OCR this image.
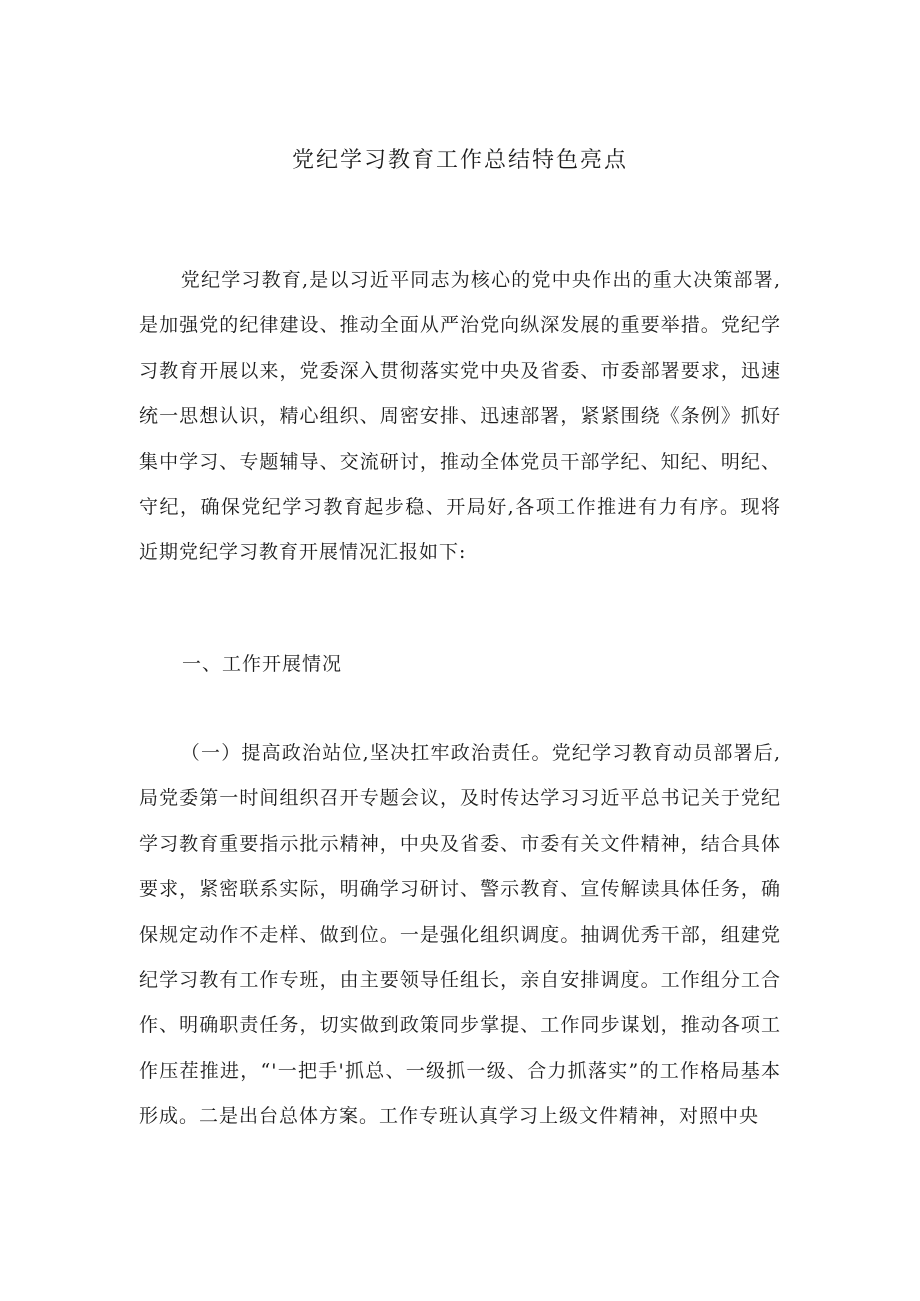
党纪学习教育工作总结特色亮点

党纪学习教育,是以习近平同志为核心的党中央作出的重大决策部署,是加强党的纪律建设、推动全面从严治党向纵深发展的重要举措。党纪学习教育开展以来，党委深入贯彻落实党中央及省委、市委部署要求，迅速统一思想认识，精心组织、周密安排、迅速部署，紧紧围绕《条例》抓好集中学习、专题辅导、交流研讨，推动全体党员干部学纪、知纪、明纪、守纪，确保党纪学习教育起步稳、开局好,各项工作推进有力有序。现将近期党纪学习教育开展情况汇报如下:

一、工作开展情况

（一）提高政治站位,坚决扛牢政治责任。党纪学习教育动员部署后,局党委第一时间组织召开专题会议，及时传达学习习近平总书记关于党纪学习教育重要指示批示精神，中央及省委、市委有关文件精神，结合具体要求，紧密联系实际，明确学习研讨、警示教育、宣传解读具体任务，确保规定动作不走样、做到位。一是强化组织调度。抽调优秀干部，组建党纪学习教有工作专班，由主要领导任组长，亲自安排调度。工作组分工合作、明确职责任务，切实做到政策同步掌提、工作同步谋划，推动各项工作压茬推进，“'一把手'抓总、一级抓一级、合力抓落实”的工作格局基本形成。二是出台总体方案。工作专班认真学习上级文件精神，对照中央
